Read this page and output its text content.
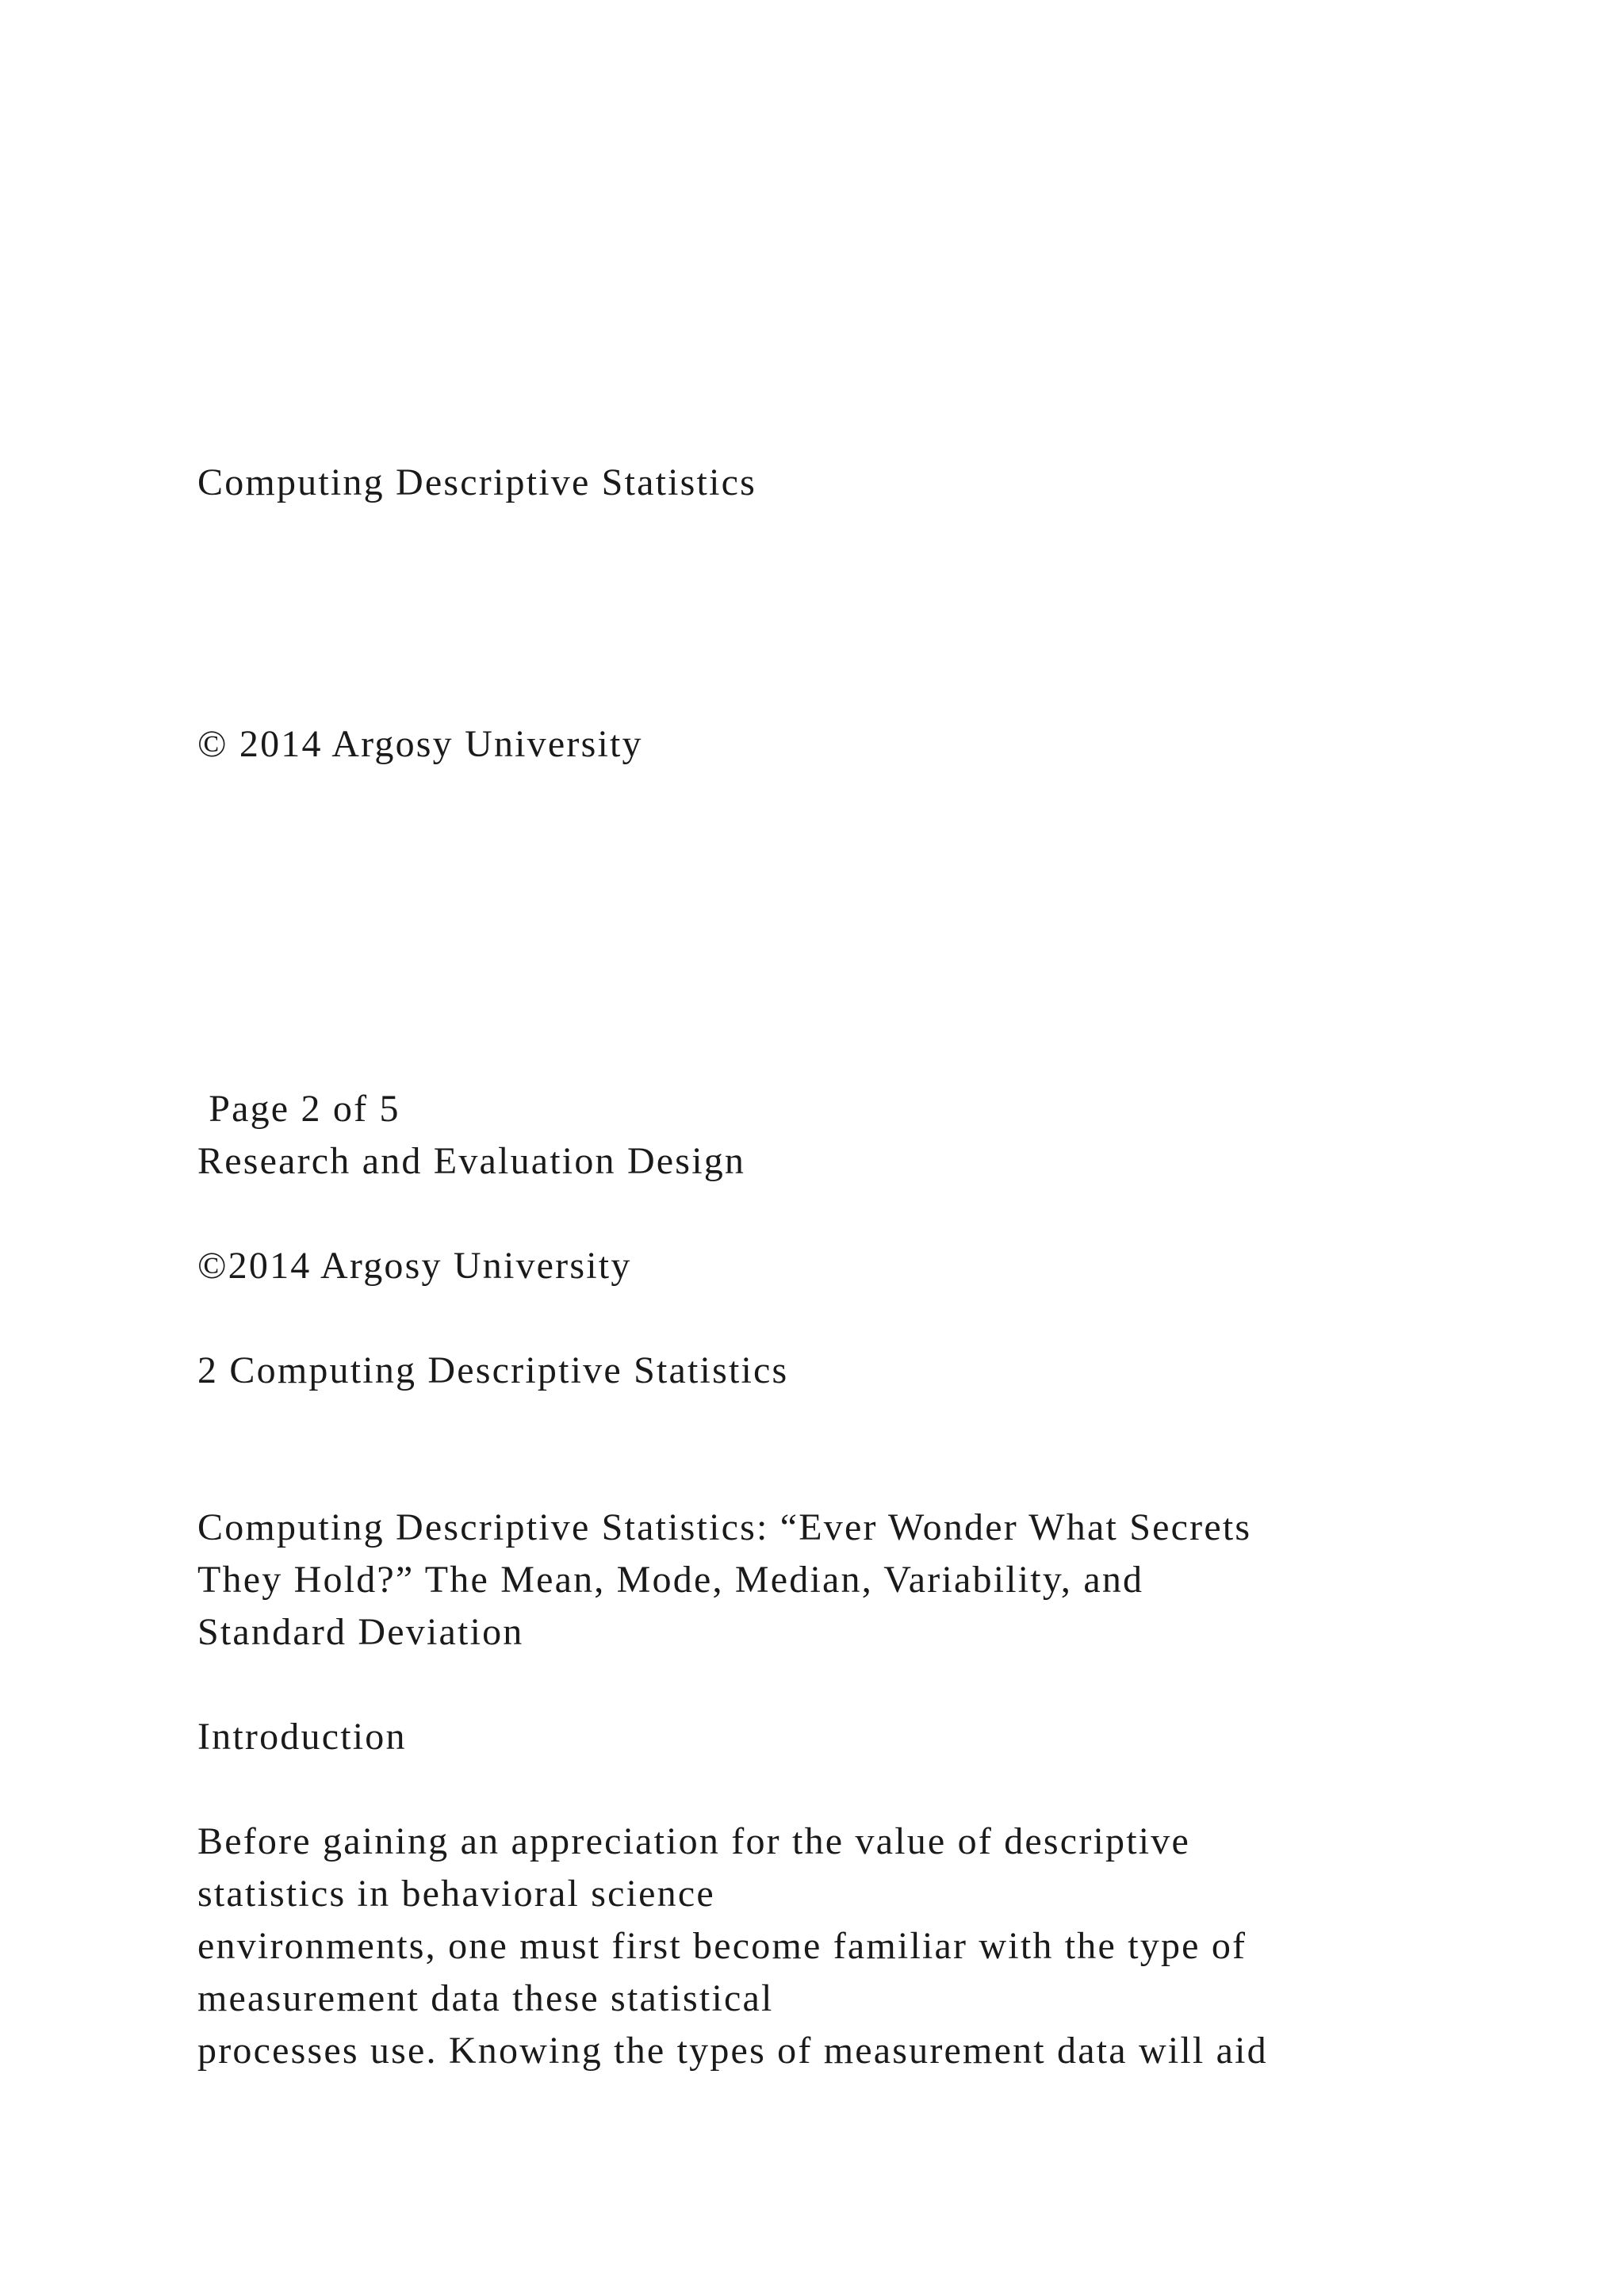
Computing Descriptive Statistics

© 2014 Argosy University

Page 2 of 5

Research and Evaluation Design

©2014 Argosy University

2 Computing Descriptive Statistics

Computing Descriptive Statistics: “Ever Wonder What Secrets

They Hold?” The Mean, Mode, Median, Variability, and

Standard Deviation

Introduction

Before gaining an appreciation for the value of descriptive

statistics in behavioral science

environments, one must first become familiar with the type of

measurement data these statistical

processes use. Knowing the types of measurement data will aid
